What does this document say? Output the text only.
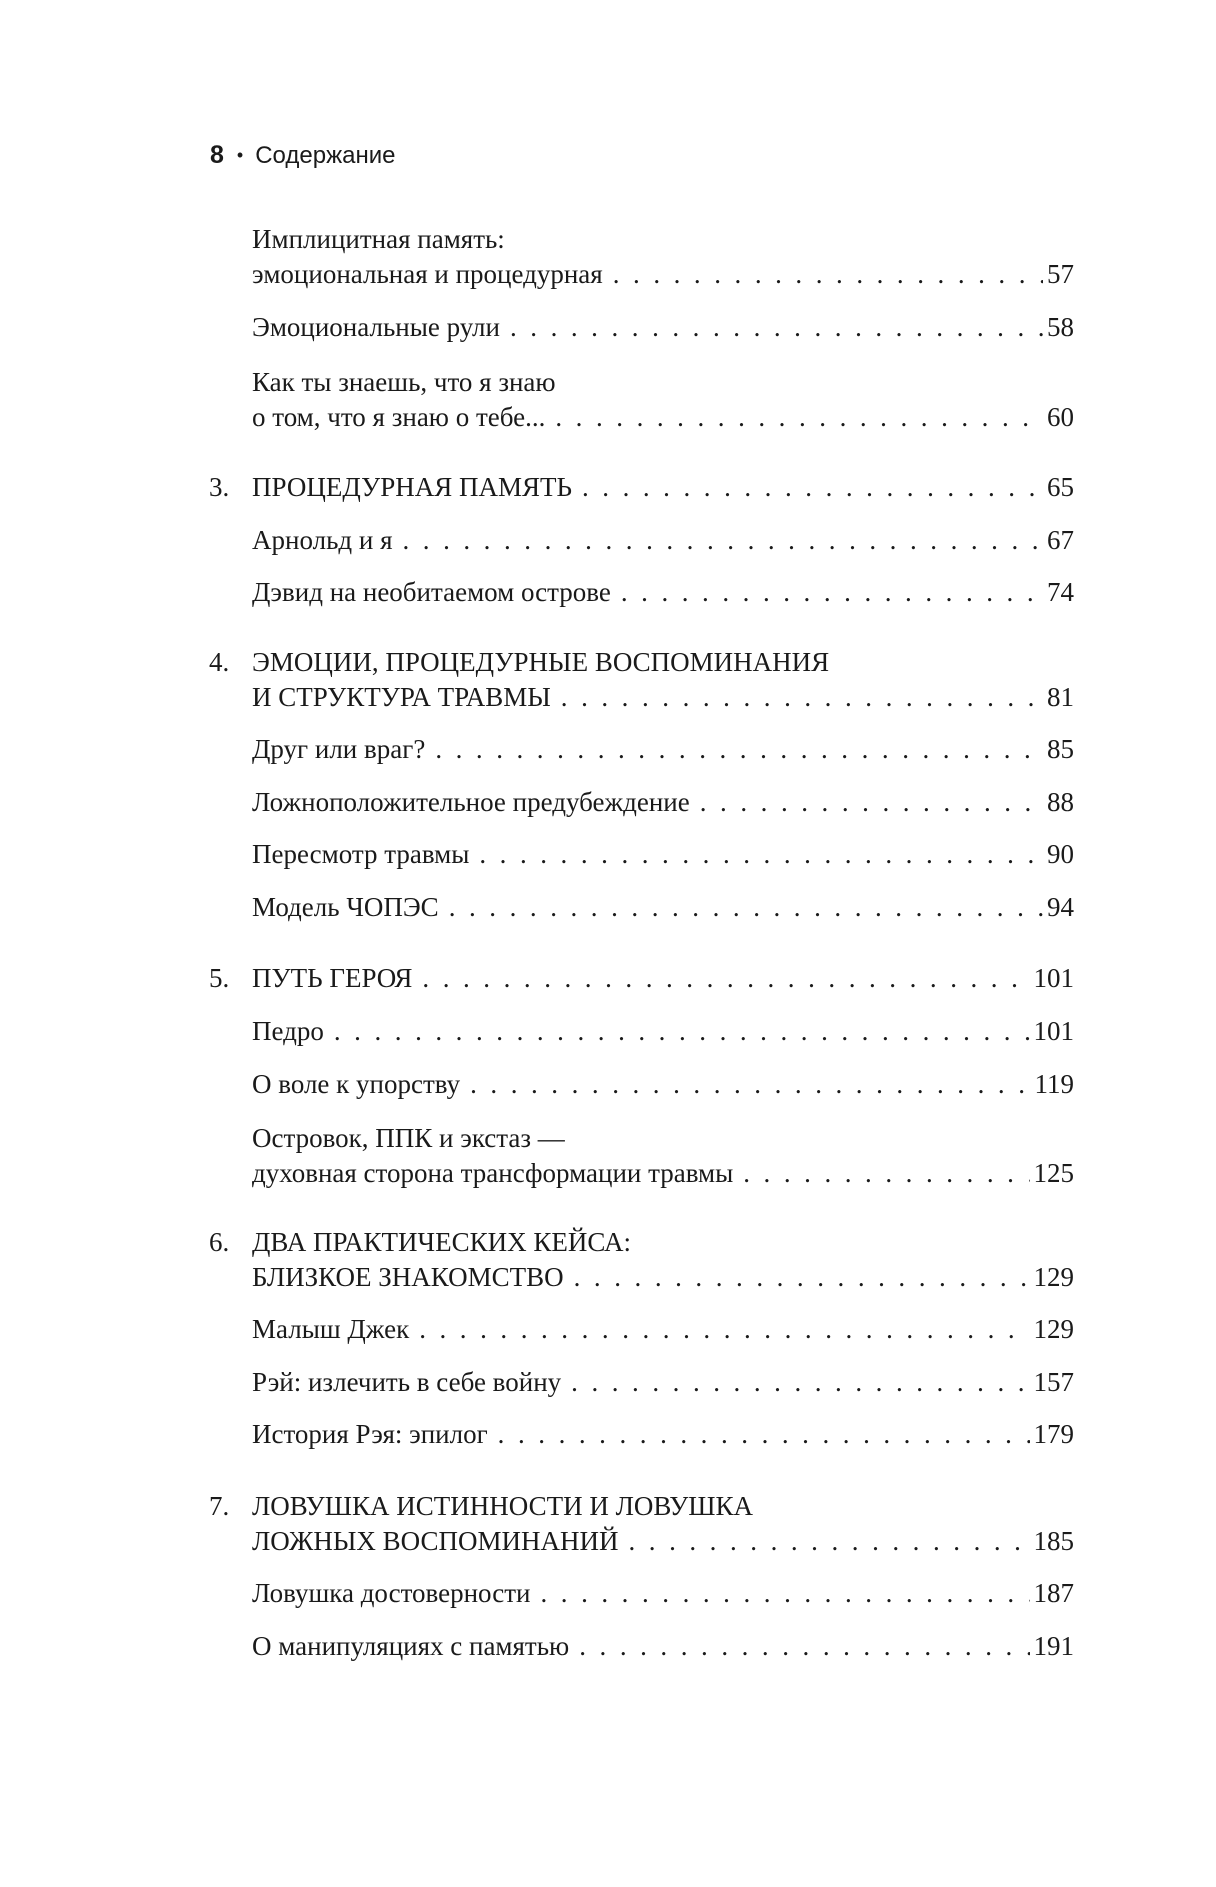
8 • Содержание
Имплицитная память:
эмоциональная и процедурная . . .	57
Эмоциональные рули . . .	58
Как ты знаешь, что я знаю
о том, что я знаю о тебе... . . .	60
3. ПРОЦЕДУРНАЯ ПАМЯТЬ . . .	65
Арнольд и я . . .	67
Дэвид на необитаемом острове . . .	74
4. ЭМОЦИИ, ПРОЦЕДУРНЫЕ ВОСПОМИНАНИЯ
И СТРУКТУРА ТРАВМЫ . . .	81
Друг или враг? . . .	85
Ложноположительное предубеждение . . .	88
Пересмотр травмы . . .	90
Модель ЧОПЭС . . .	94
5. ПУТЬ ГЕРОЯ . . .	101
Педро . . .	101
О воле к упорству . . .	119
Островок, ППК и экстаз —
духовная сторона трансформации травмы . . .	125
6. ДВА ПРАКТИЧЕСКИХ КЕЙСА:
БЛИЗКОЕ ЗНАКОМСТВО . . .	129
Малыш Джек . . .	129
Рэй: излечить в себе войну . . .	157
История Рэя: эпилог . . .	179
7. ЛОВУШКА ИСТИННОСТИ И ЛОВУШКА
ЛОЖНЫХ ВОСПОМИНАНИЙ . . .	185
Ловушка достоверности . . .	187
О манипуляциях с памятью . . .	191
